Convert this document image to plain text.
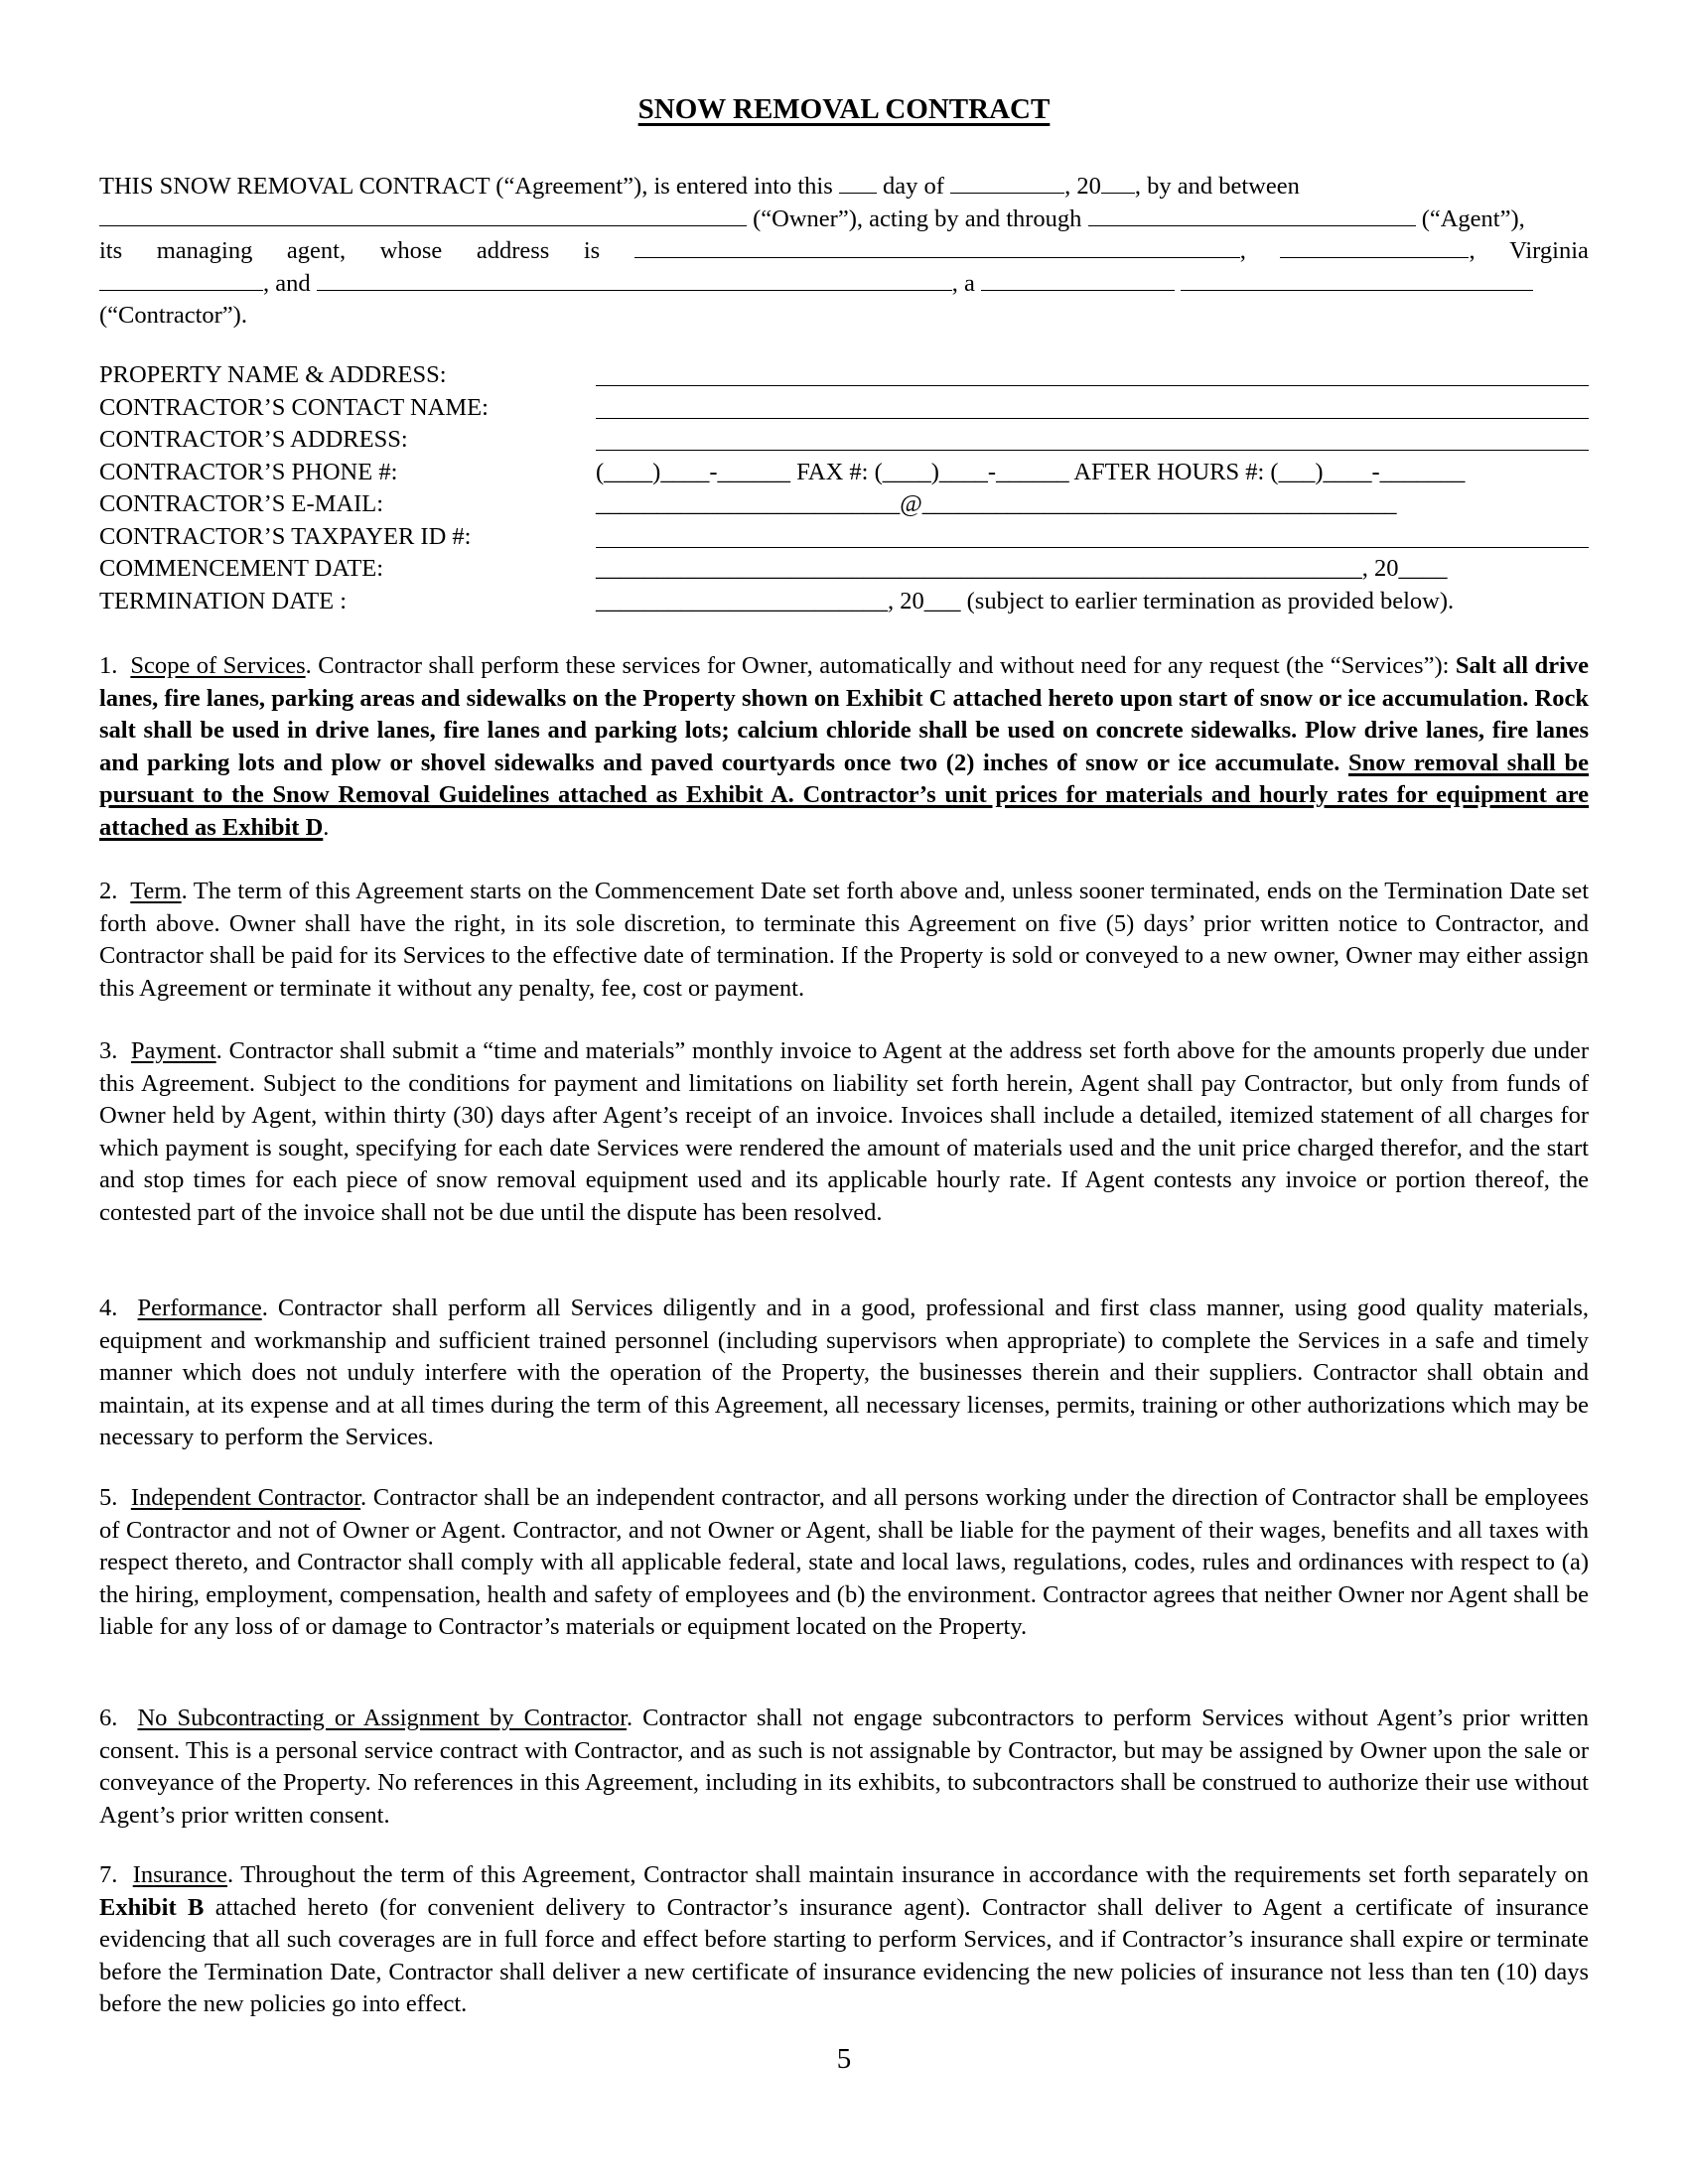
SNOW REMOVAL CONTRACT
THIS SNOW REMOVAL CONTRACT (“Agreement”), is entered into this day of	, 20 , by and between
(“Owner”), acting by and through	(“Agent”),
its managing agent, whose address is	,	, Virginia
, and	, a
(“Contractor”).
PROPERTY NAME & ADDRESS:
CONTRACTOR’S CONTACT NAME:
CONTRACTOR’S ADDRESS:
CONTRACTOR’S PHONE #:	(____)____-______ FAX #: (____)____-______ AFTER HOURS #: (___)____-_______
CONTRACTOR’S E-MAIL:	_________________________@_______________________________________
CONTRACTOR’S TAXPAYER ID #:
COMMENCEMENT DATE:	_______________________________________________________________, 20____
TERMINATION DATE :	________________________, 20___ (subject to earlier termination as provided below).
1. Scope of Services. Contractor shall perform these services for Owner, automatically and without need for any request (the “Services”): Salt all drive lanes, fire lanes, parking areas and sidewalks on the Property shown on Exhibit C attached hereto upon start of snow or ice accumulation. Rock salt shall be used in drive lanes, fire lanes and parking lots; calcium chloride shall be used on concrete sidewalks. Plow drive lanes, fire lanes and parking lots and plow or shovel sidewalks and paved courtyards once two (2) inches of snow or ice accumulate. Snow removal shall be pursuant to the Snow Removal Guidelines attached as Exhibit A. Contractor’s unit prices for materials and hourly rates for equipment are attached as Exhibit D.
2. Term. The term of this Agreement starts on the Commencement Date set forth above and, unless sooner terminated, ends on the Termination Date set forth above. Owner shall have the right, in its sole discretion, to terminate this Agreement on five (5) days’ prior written notice to Contractor, and Contractor shall be paid for its Services to the effective date of termination. If the Property is sold or conveyed to a new owner, Owner may either assign this Agreement or terminate it without any penalty, fee, cost or payment.
3. Payment. Contractor shall submit a “time and materials” monthly invoice to Agent at the address set forth above for the amounts properly due under this Agreement. Subject to the conditions for payment and limitations on liability set forth herein, Agent shall pay Contractor, but only from funds of Owner held by Agent, within thirty (30) days after Agent’s receipt of an invoice. Invoices shall include a detailed, itemized statement of all charges for which payment is sought, specifying for each date Services were rendered the amount of materials used and the unit price charged therefor, and the start and stop times for each piece of snow removal equipment used and its applicable hourly rate. If Agent contests any invoice or portion thereof, the contested part of the invoice shall not be due until the dispute has been resolved.
4. Performance. Contractor shall perform all Services diligently and in a good, professional and first class manner, using good quality materials, equipment and workmanship and sufficient trained personnel (including supervisors when appropriate) to complete the Services in a safe and timely manner which does not unduly interfere with the operation of the Property, the businesses therein and their suppliers. Contractor shall obtain and maintain, at its expense and at all times during the term of this Agreement, all necessary licenses, permits, training or other authorizations which may be necessary to perform the Services.
5. Independent Contractor. Contractor shall be an independent contractor, and all persons working under the direction of Contractor shall be employees of Contractor and not of Owner or Agent. Contractor, and not Owner or Agent, shall be liable for the payment of their wages, benefits and all taxes with respect thereto, and Contractor shall comply with all applicable federal, state and local laws, regulations, codes, rules and ordinances with respect to (a) the hiring, employment, compensation, health and safety of employees and (b) the environment. Contractor agrees that neither Owner nor Agent shall be liable for any loss of or damage to Contractor’s materials or equipment located on the Property.
6. No Subcontracting or Assignment by Contractor. Contractor shall not engage subcontractors to perform Services without Agent’s prior written consent. This is a personal service contract with Contractor, and as such is not assignable by Contractor, but may be assigned by Owner upon the sale or conveyance of the Property. No references in this Agreement, including in its exhibits, to subcontractors shall be construed to authorize their use without Agent’s prior written consent.
7. Insurance. Throughout the term of this Agreement, Contractor shall maintain insurance in accordance with the requirements set forth separately on Exhibit B attached hereto (for convenient delivery to Contractor’s insurance agent). Contractor shall deliver to Agent a certificate of insurance evidencing that all such coverages are in full force and effect before starting to perform Services, and if Contractor’s insurance shall expire or terminate before the Termination Date, Contractor shall deliver a new certificate of insurance evidencing the new policies of insurance not less than ten (10) days before the new policies go into effect.
5
